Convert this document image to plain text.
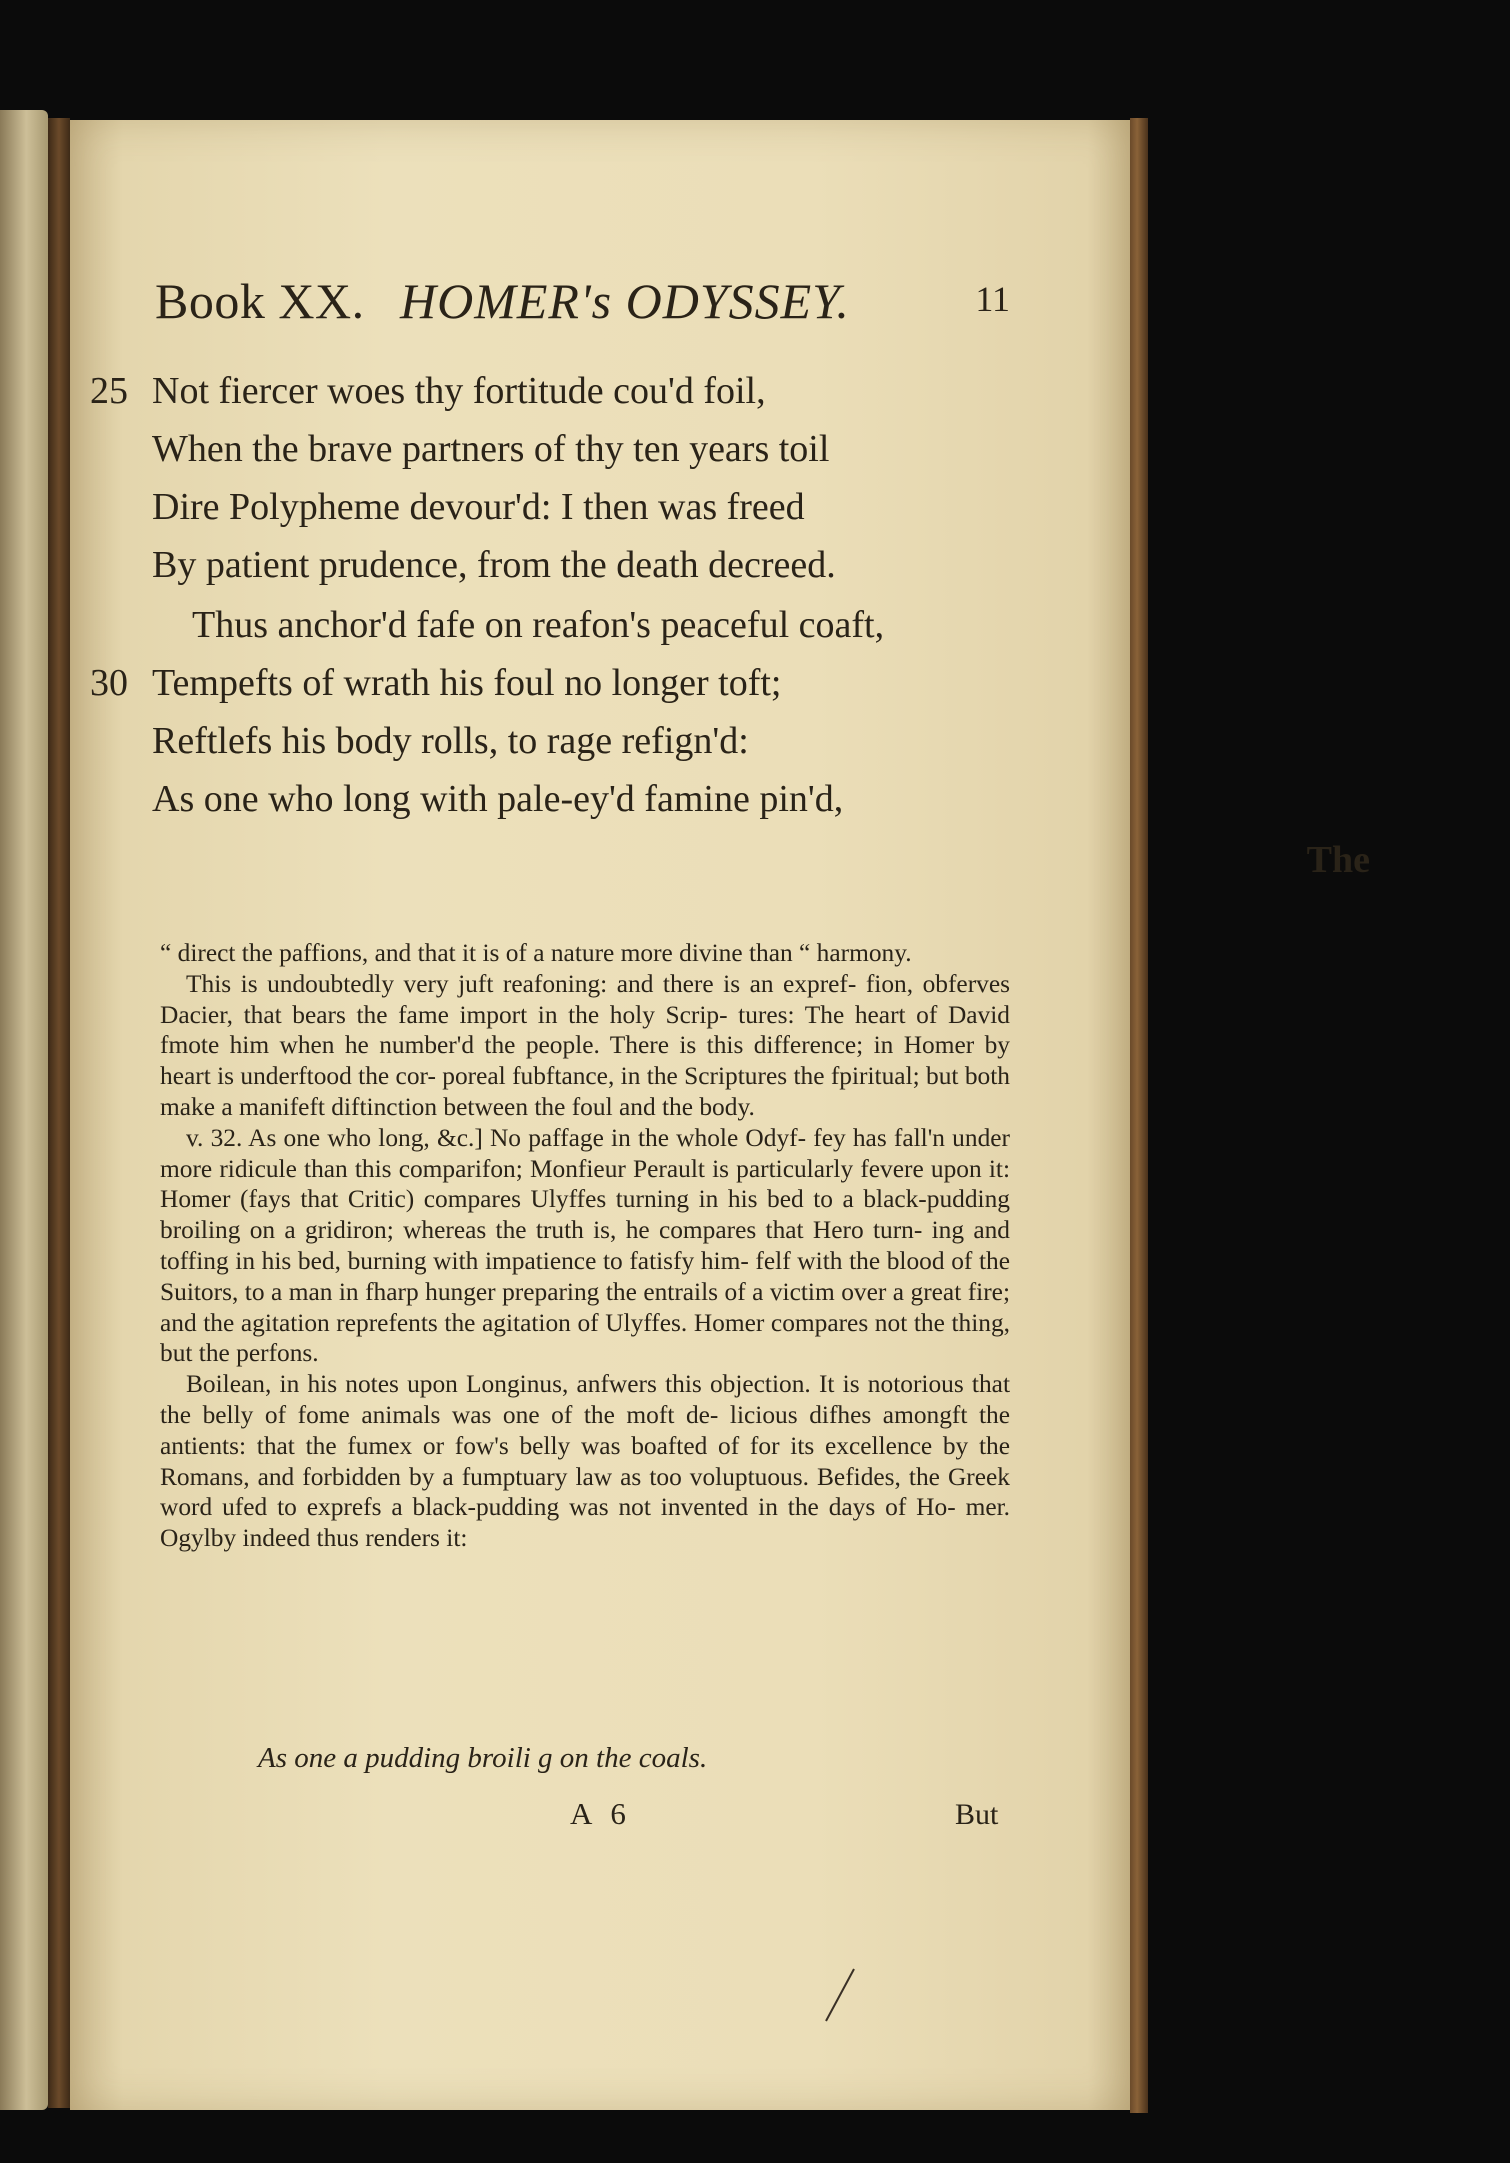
Book XX. HOMER's ODYSSEY.	11
25 Not fiercer woes thy fortitude cou'd foil,
When the brave partners of thy ten years toil
Dire Polypheme devour'd: I then was freed
By patient prudence, from the death decreed.
Thus anchor'd fafe on reafon's peaceful coaft,
30 Tempefts of wrath his foul no longer toft;
Reftlefs his body rolls, to rage refign'd:
As one who long with pale-ey'd famine pin'd,
The

“ direct the paffions, and that it is of a nature more divine than “ harmony.

This is undoubtedly very juft reafoning: and there is an expref- fion, obferves Dacier, that bears the fame import in the holy Scrip- tures: The heart of David fmote him when he number'd the people. There is this difference; in Homer by heart is underftood the cor- poreal fubftance, in the Scriptures the fpiritual; but both make a manifeft diftinction between the foul and the body.

v. 32. As one who long, &c.] No paffage in the whole Odyf- fey has fall'n under more ridicule than this comparifon; Monfieur Perault is particularly fevere upon it: Homer (fays that Critic) compares Ulyffes turning in his bed to a black-pudding broiling on a gridiron; whereas the truth is, he compares that Hero turn- ing and toffing in his bed, burning with impatience to fatisfy him- felf with the blood of the Suitors, to a man in fharp hunger preparing the entrails of a victim over a great fire; and the agitation reprefents the agitation of Ulyffes. Homer compares not the thing, but the perfons.

Boilean, in his notes upon Longinus, anfwers this objection. It is notorious that the belly of fome animals was one of the moft de- licious difhes amongft the antients: that the fumex or fow's belly was boafted of for its excellence by the Romans, and forbidden by a fumptuary law as too voluptuous. Befides, the Greek word ufed to exprefs a black-pudding was not invented in the days of Ho- mer. Ogylby indeed thus renders it:

As one a pudding broili g on the coals.
A 6	But
